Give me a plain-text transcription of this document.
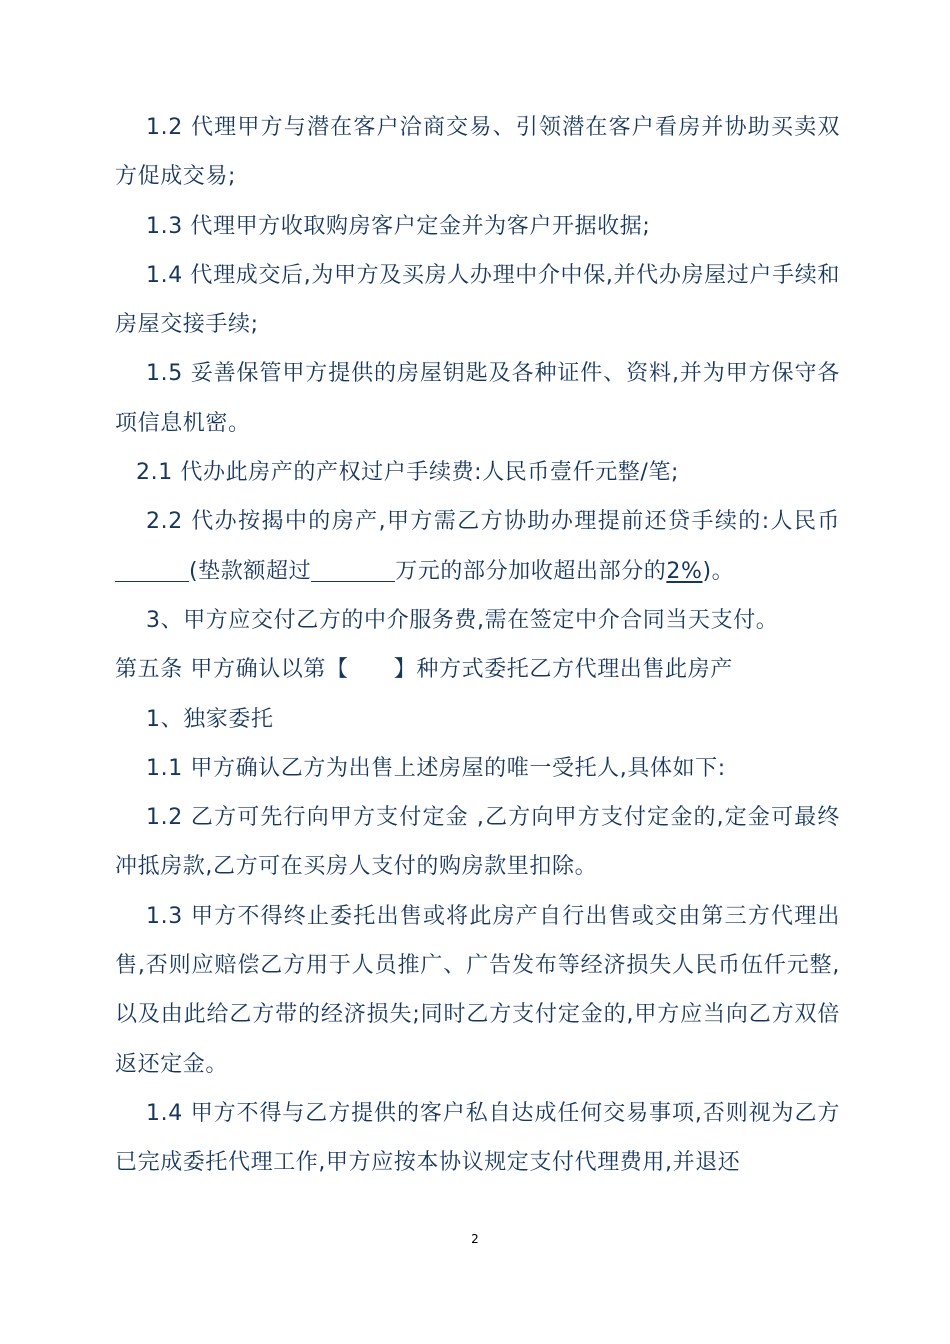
1.2 代理甲方与潜在客户洽商交易、引领潜在客户看房并协助买卖双方促成交易;

1.3 代理甲方收取购房客户定金并为客户开据收据;

1.4 代理成交后,为甲方及买房人办理中介中保,并代办房屋过户手续和房屋交接手续;

1.5 妥善保管甲方提供的房屋钥匙及各种证件、资料,并为甲方保守各项信息机密。

2.1 代办此房产的产权过户手续费:人民币壹仟元整/笔;

2.2 代办按揭中的房产,甲方需乙方协助办理提前还贷手续的:人民币(垫款额超过	万元的部分加收超出部分的2%)。

3、甲方应交付乙方的中介服务费,需在签定中介合同当天支付。

第五条 甲方确认以第【　　】种方式委托乙方代理出售此房产

1、独家委托

1.1 甲方确认乙方为出售上述房屋的唯一受托人,具体如下:

1.2 乙方可先行向甲方支付定金 ,乙方向甲方支付定金的,定金可最终冲抵房款,乙方可在买房人支付的购房款里扣除。

1.3 甲方不得终止委托出售或将此房产自行出售或交由第三方代理出售,否则应赔偿乙方用于人员推广、广告发布等经济损失人民币伍仟元整,以及由此给乙方带的经济损失;同时乙方支付定金的,甲方应当向乙方双倍返还定金。

1.4 甲方不得与乙方提供的客户私自达成任何交易事项,否则视为乙方已完成委托代理工作,甲方应按本协议规定支付代理费用,并退还

2
